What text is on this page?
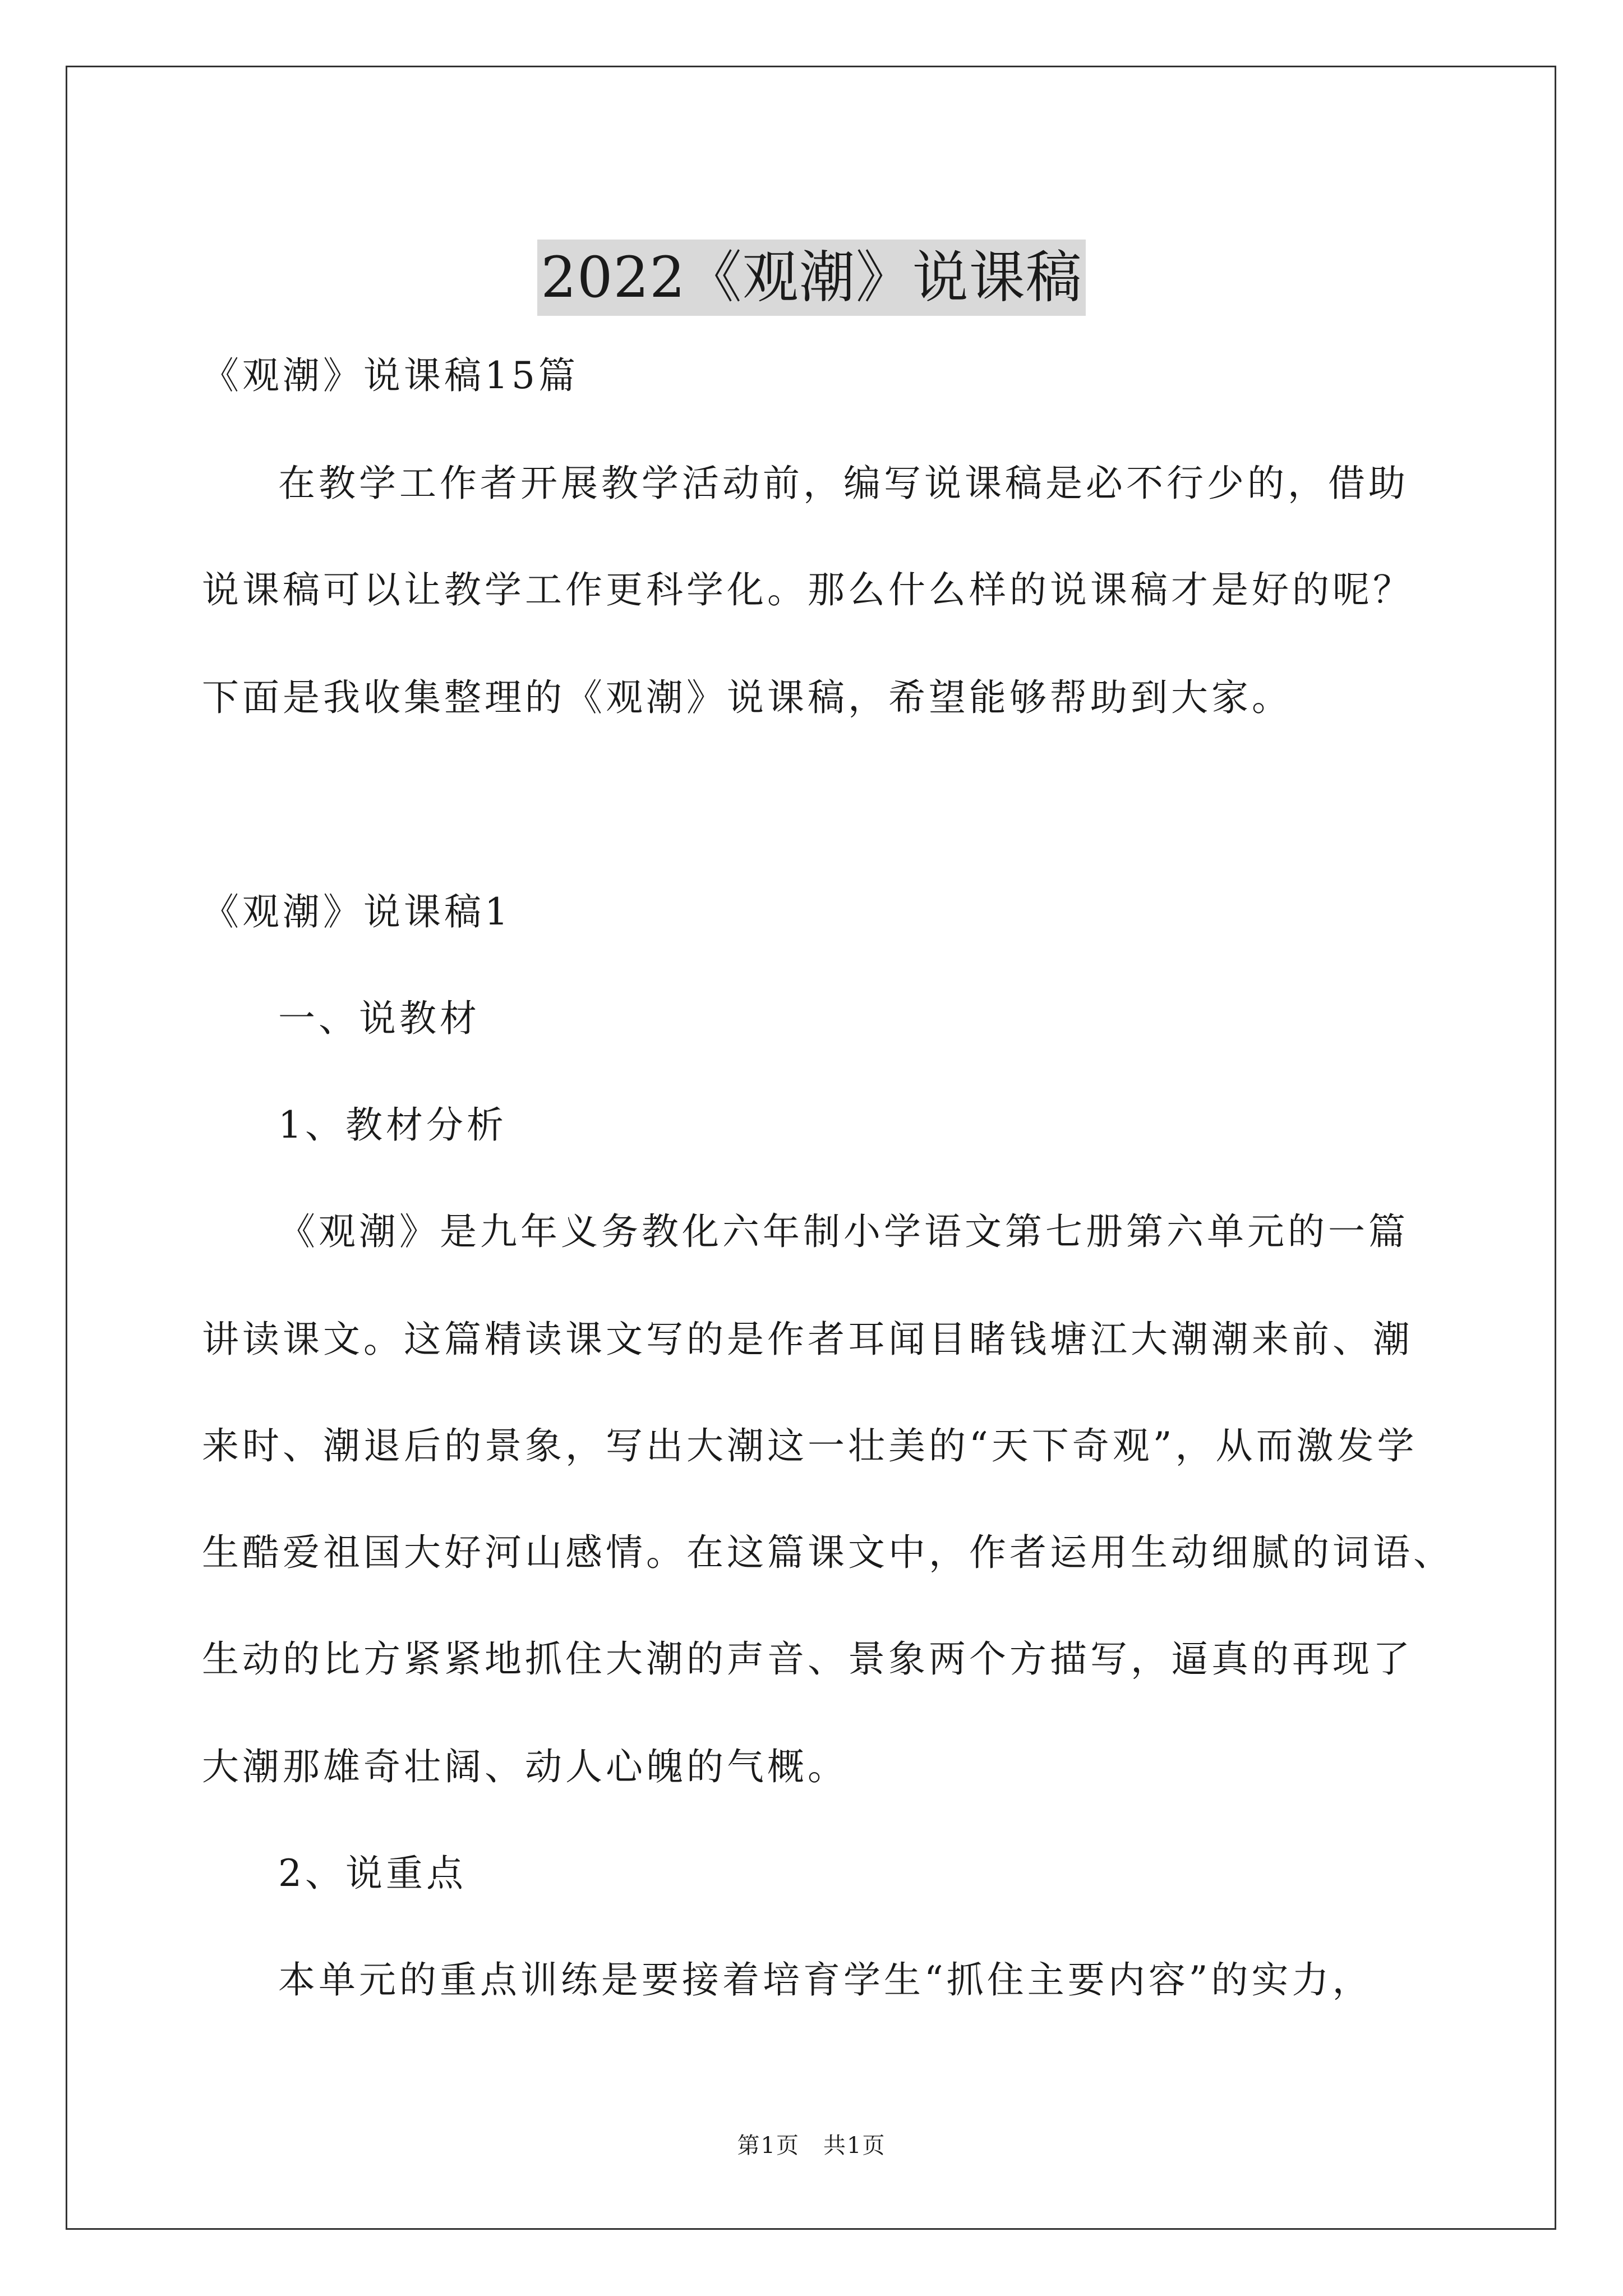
2022《观潮》说课稿
《观潮》说课稿15篇
在教学工作者开展教学活动前，编写说课稿是必不行少的，借助
说课稿可以让教学工作更科学化。那么什么样的说课稿才是好的呢？
下面是我收集整理的《观潮》说课稿，希望能够帮助到大家。
《观潮》说课稿1
一、说教材
1、教材分析
《观潮》是九年义务教化六年制小学语文第七册第六单元的一篇
讲读课文。这篇精读课文写的是作者耳闻目睹钱塘江大潮潮来前、潮
来时、潮退后的景象，写出大潮这一壮美的“天下奇观”，从而激发学
生酷爱祖国大好河山感情。在这篇课文中，作者运用生动细腻的词语、
生动的比方紧紧地抓住大潮的声音、景象两个方描写，逼真的再现了
大潮那雄奇壮阔、动人心魄的气概。
2、说重点
本单元的重点训练是要接着培育学生“抓住主要内容”的实力，
第1页　共1页
